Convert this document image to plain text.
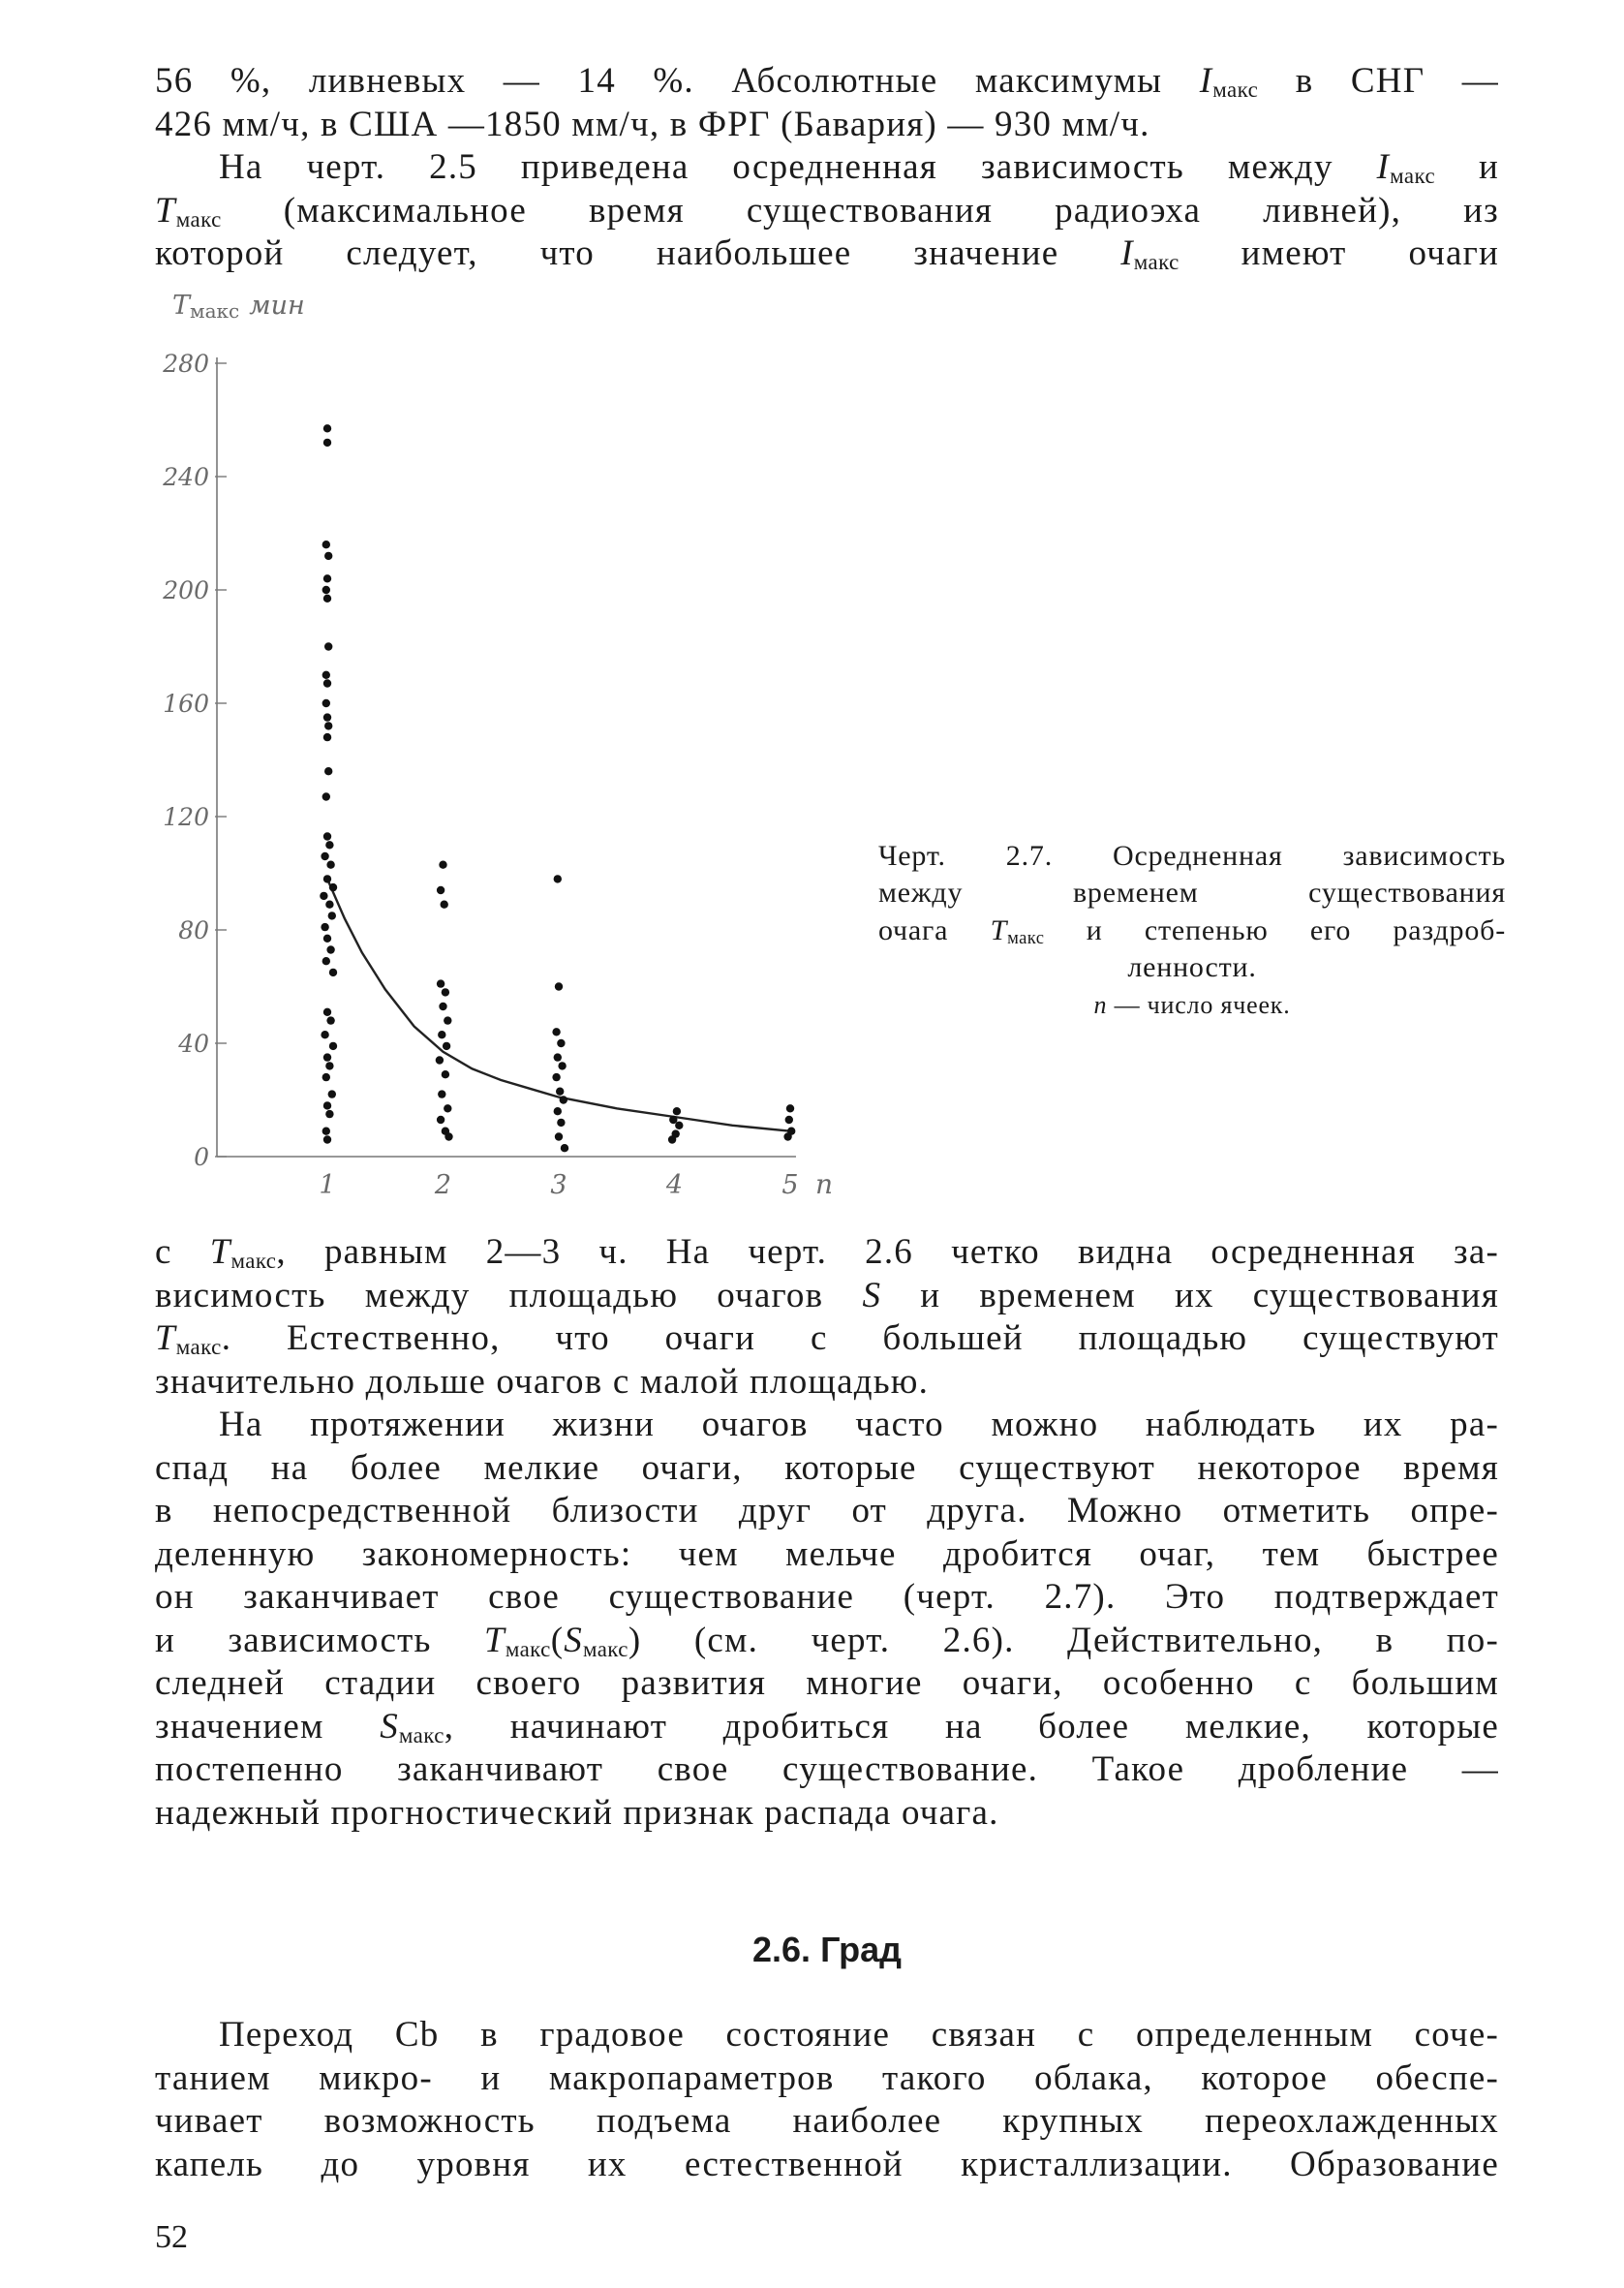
56 %, ливневых — 14 %. Абсолютные максимумы $I_{макс}$ в СНГ —
426 мм/ч, в США —1850 мм/ч, в ФРГ (Бавария) — 930 мм/ч.
На черт. 2.5 приведена осредненная зависимость между $I_{макс}$ и
$T_{макс}$ (максимальное время существования радиоэха ливней), из
которой следует, что наибольшее значение $I_{макс}$ имеют очаги
0
40
80
120
160
200
240
280
1	2	3	4	5 n
Tмакс мин
Черт. 2.7. Осредненная зависимость
между временем существования
очага $T_{макс}$ и степенью его раздроб-
ленности.
n — число ячеек.
с $T_{макс}$, равным 2—3 ч. На черт. 2.6 четко видна осредненная за-
висимость между площадью очагов S и временем их существования
$T_{макс}$. Естественно, что очаги с большей площадью существуют
значительно дольше очагов с малой площадью.
На протяжении жизни очагов часто можно наблюдать их ра-
спад на более мелкие очаги, которые существуют некоторое время
в непосредственной близости друг от друга. Можно отметить опре-
деленную закономерность: чем мельче дробится очаг, тем быстрее
он заканчивает свое существование (черт. 2.7). Это подтверждает
и зависимость $T_{макс}(S_{макс})$ (см. черт. 2.6). Действительно, в по-
следней стадии своего развития многие очаги, особенно с большим
значением $S_{макс}$, начинают дробиться на более мелкие, которые
постепенно заканчивают свое существование. Такое дробление —
надежный прогностический признак распада очага.
2.6. Град
Переход Cb в градовое состояние связан с определенным соче-
танием микро- и макропараметров такого облака, которое обеспе-
чивает возможность подъема наиболее крупных переохлажденных
капель до уровня их естественной кристаллизации. Образование
52
